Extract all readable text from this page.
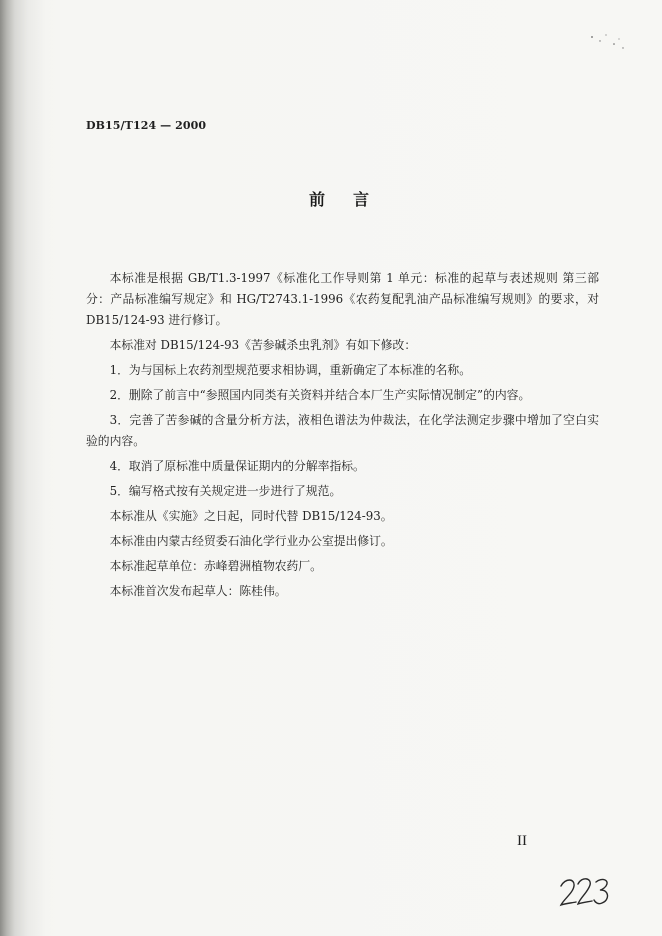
DB15/T124 — 2000
前言

本标准是根据 GB/T1.3-1997《标准化工作导则第 1 单元：标准的起草与表述规则 第三部分：产品标准编写规定》和 HG/T2743.1-1996《农药复配乳油产品标准编写规则》的要求，对 DB15/124-93 进行修订。

本标准对 DB15/124-93《苦参碱杀虫乳剂》有如下修改：

1．为与国标上农药剂型规范要求相协调，重新确定了本标准的名称。

2．删除了前言中“参照国内同类有关资料并结合本厂生产实际情况制定”的内容。

3．完善了苦参碱的含量分析方法，液相色谱法为仲裁法，在化学法测定步骤中增加了空白实验的内容。

4．取消了原标准中质量保证期内的分解率指标。

5．编写格式按有关规定进一步进行了规范。

本标准从《实施》之日起，同时代替 DB15/124-93。

本标准由内蒙古经贸委石油化学行业办公室提出修订。

本标准起草单位：赤峰碧洲植物农药厂。

本标准首次发布起草人：陈桂伟。

II
